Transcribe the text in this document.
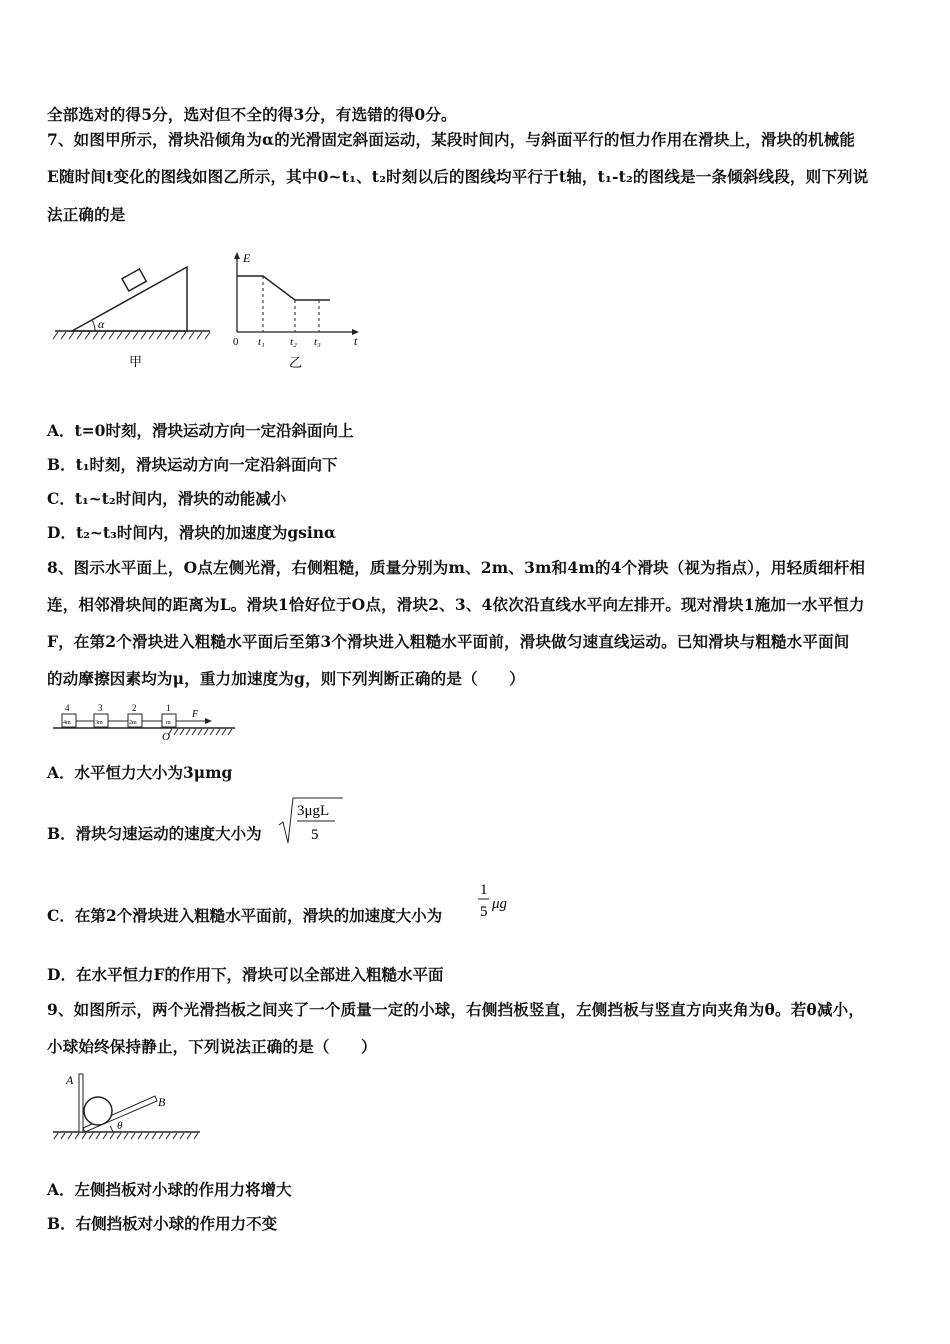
全部选对的得5分，选对但不全的得3分，有选错的得0分。
7、如图甲所示，滑块沿倾角为α的光滑固定斜面运动，某段时间内，与斜面平行的恒力作用在滑块上，滑块的机械能
E随时间t变化的图线如图乙所示，其中0~t₁、t₂时刻以后的图线均平行于t轴，t₁-t₂的图线是一条倾斜线段，则下列说
法正确的是
α
甲
E
t
0 t₁ t₂ t₃
乙
A．t=0时刻，滑块运动方向一定沿斜面向上
B．t₁时刻，滑块运动方向一定沿斜面向下
C．t₁~t₂时间内，滑块的动能减小
D．t₂~t₃时间内，滑块的加速度为gsinα
8、图示水平面上，O点左侧光滑，右侧粗糙，质量分别为m、2m、3m和4m的4个滑块（视为指点），用轻质细杆相
连，相邻滑块间的距离为L。滑块1恰好位于O点，滑块2、3、4依次沿直线水平向左排开。现对滑块1施加一水平恒力
F，在第2个滑块进入粗糙水平面后至第3个滑块进入粗糙水平面前，滑块做匀速直线运动。已知滑块与粗糙水平面间
的动摩擦因素均为μ，重力加速度为g，则下列判断正确的是（　　）
4	3	2	1
4m	3m	2m	m
F
O
A．水平恒力大小为3μmg
B．滑块匀速运动的速度大小为
3μgL
5
C．在第2个滑块进入粗糙水平面前，滑块的加速度大小为
1
5 μg
D．在水平恒力F的作用下，滑块可以全部进入粗糙水平面
9、如图所示，两个光滑挡板之间夹了一个质量一定的小球，右侧挡板竖直，左侧挡板与竖直方向夹角为θ。若θ减小，
小球始终保持静止，下列说法正确的是（　　）
A
B
θ
A．左侧挡板对小球的作用力将增大
B．右侧挡板对小球的作用力不变
